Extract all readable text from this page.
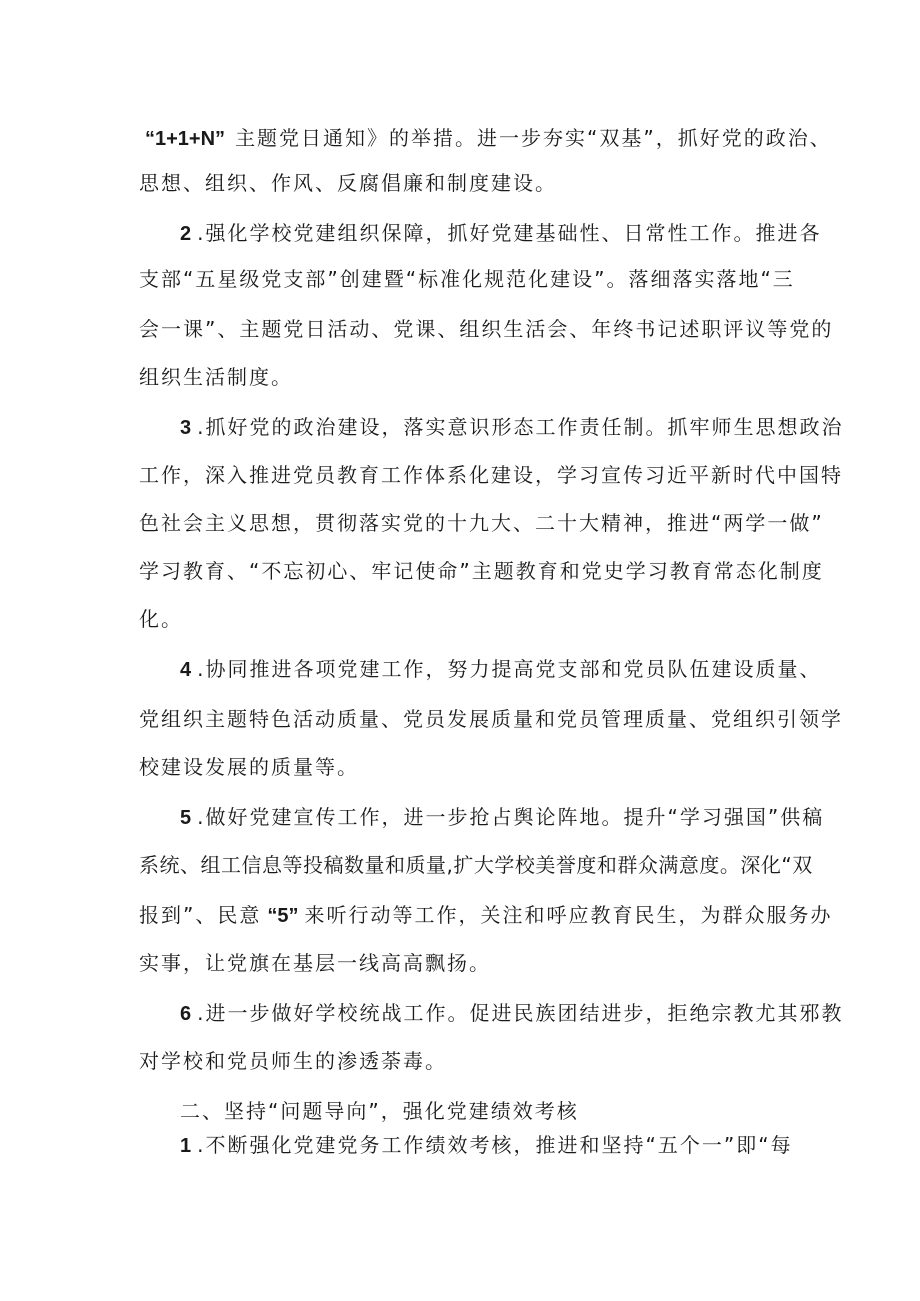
“1+1+N” 主题党日通知》的举措。进一步夯实“双基”，抓好党的政治、
思想、组织、作风、反腐倡廉和制度建设。
2 .强化学校党建组织保障，抓好党建基础性、日常性工作。推进各
支部“五星级党支部”创建暨“标准化规范化建设”。落细落实落地“三
会一课”、主题党日活动、党课、组织生活会、年终书记述职评议等党的
组织生活制度。
3 .抓好党的政治建设，落实意识形态工作责任制。抓牢师生思想政治
工作，深入推进党员教育工作体系化建设，学习宣传习近平新时代中国特
色社会主义思想，贯彻落实党的十九大、二十大精神，推进“两学一做”
学习教育、“不忘初心、牢记使命”主题教育和党史学习教育常态化制度
化。
4 .协同推进各项党建工作，努力提高党支部和党员队伍建设质量、
党组织主题特色活动质量、党员发展质量和党员管理质量、党组织引领学
校建设发展的质量等。
5 .做好党建宣传工作，进一步抢占舆论阵地。提升“学习强国”供稿
系统、组工信息等投稿数量和质量,扩大学校美誉度和群众满意度。深化“双
报到”、民意 “5” 来听行动等工作，关注和呼应教育民生，为群众服务办
实事，让党旗在基层一线高高飘扬。
6 .进一步做好学校统战工作。促进民族团结进步，拒绝宗教尤其邪教
对学校和党员师生的渗透荼毒。
二、坚持“问题导向”，强化党建绩效考核
1 .不断强化党建党务工作绩效考核，推进和坚持“五个一”即“每
